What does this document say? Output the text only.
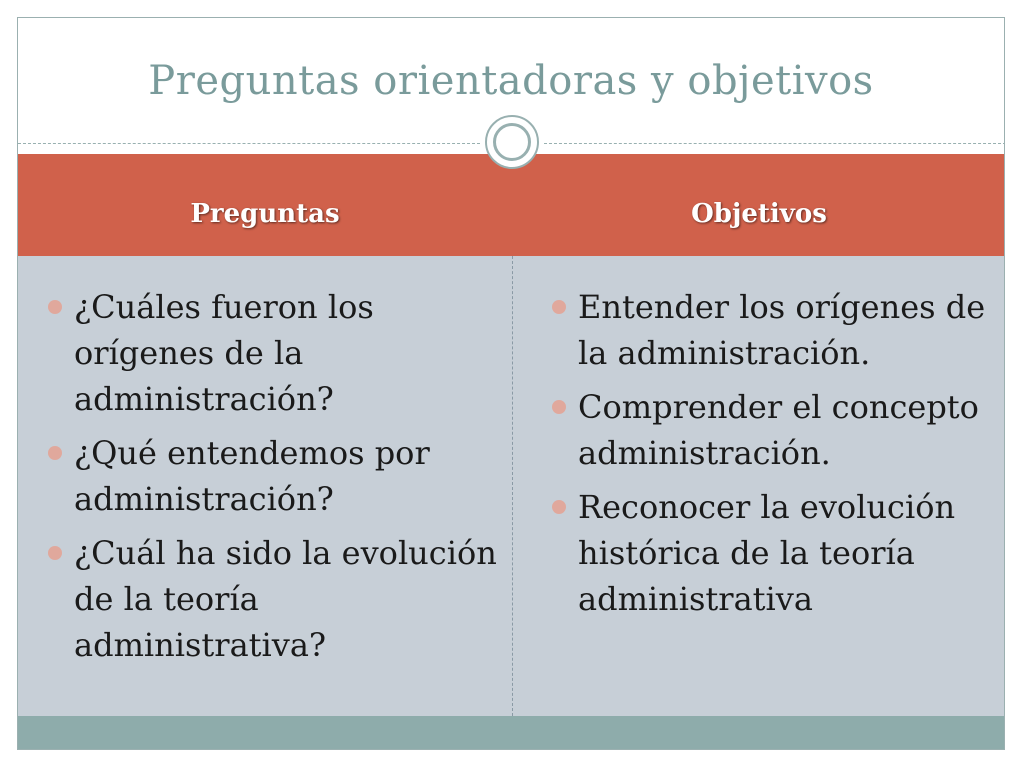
Preguntas orientadoras y objetivos
Preguntas	Objetivos
¿Cuáles fueron los orígenes de la administración?
¿Qué entendemos por administración?
¿Cuál ha sido la evolución de la teoría administrativa?
Entender los orígenes de la administración.
Comprender el concepto administración.
Reconocer la evolución histórica de la teoría administrativa
